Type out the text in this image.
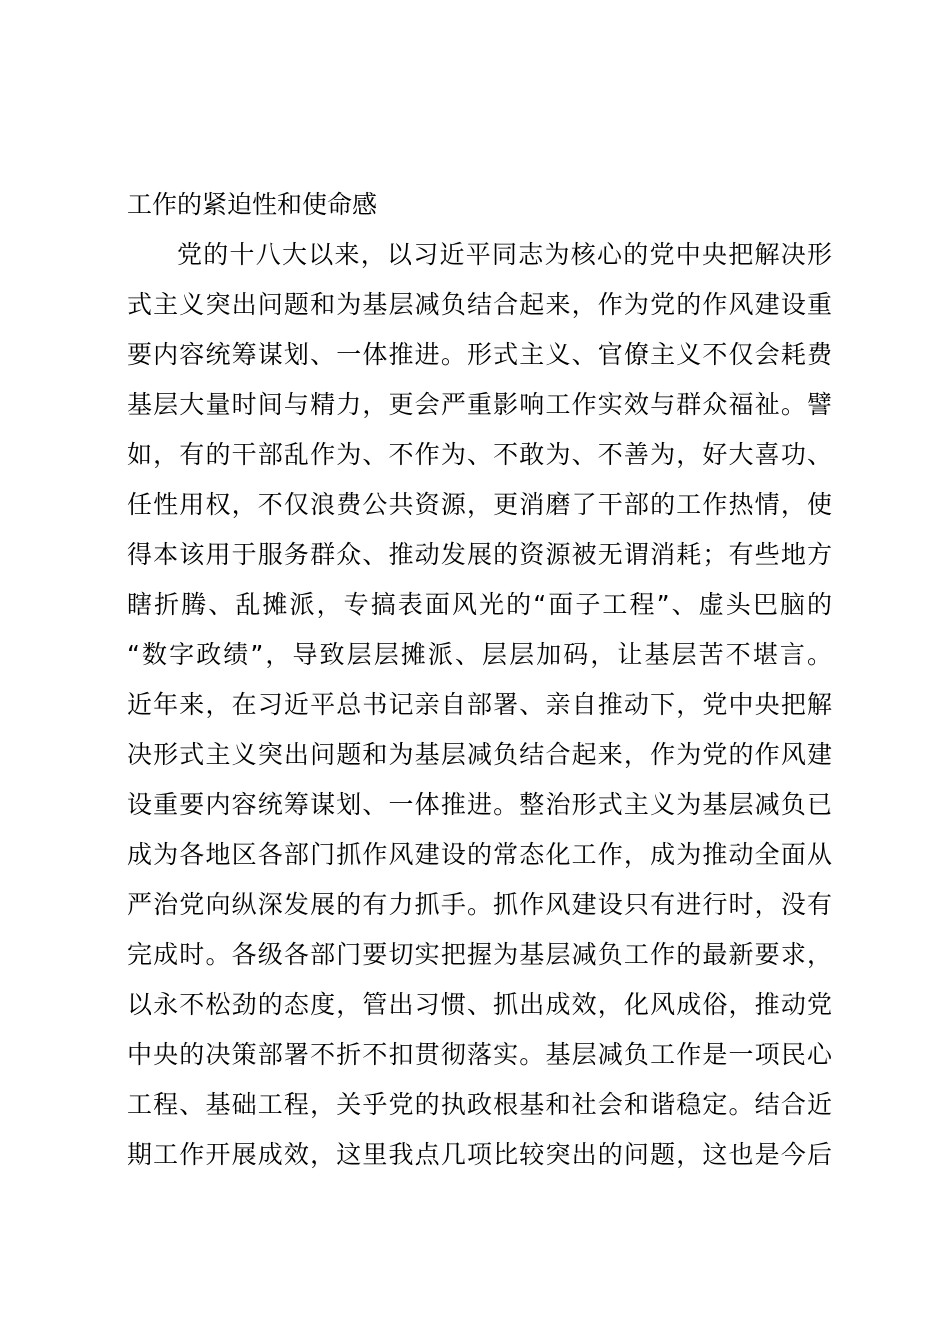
工作的紧迫性和使命感
党的十八大以来，以习近平同志为核心的党中央把解决形
式主义突出问题和为基层减负结合起来，作为党的作风建设重
要内容统筹谋划、一体推进。形式主义、官僚主义不仅会耗费
基层大量时间与精力，更会严重影响工作实效与群众福祉。譬
如，有的干部乱作为、不作为、不敢为、不善为，好大喜功、
任性用权，不仅浪费公共资源，更消磨了干部的工作热情，使
得本该用于服务群众、推动发展的资源被无谓消耗；有些地方
瞎折腾、乱摊派，专搞表面风光的“面子工程”、虚头巴脑的
“数字政绩”，导致层层摊派、层层加码，让基层苦不堪言。
近年来，在习近平总书记亲自部署、亲自推动下，党中央把解
决形式主义突出问题和为基层减负结合起来，作为党的作风建
设重要内容统筹谋划、一体推进。整治形式主义为基层减负已
成为各地区各部门抓作风建设的常态化工作，成为推动全面从
严治党向纵深发展的有力抓手。抓作风建设只有进行时，没有
完成时。各级各部门要切实把握为基层减负工作的最新要求，
以永不松劲的态度，管出习惯、抓出成效，化风成俗，推动党
中央的决策部署不折不扣贯彻落实。基层减负工作是一项民心
工程、基础工程，关乎党的执政根基和社会和谐稳定。结合近
期工作开展成效，这里我点几项比较突出的问题，这也是今后
